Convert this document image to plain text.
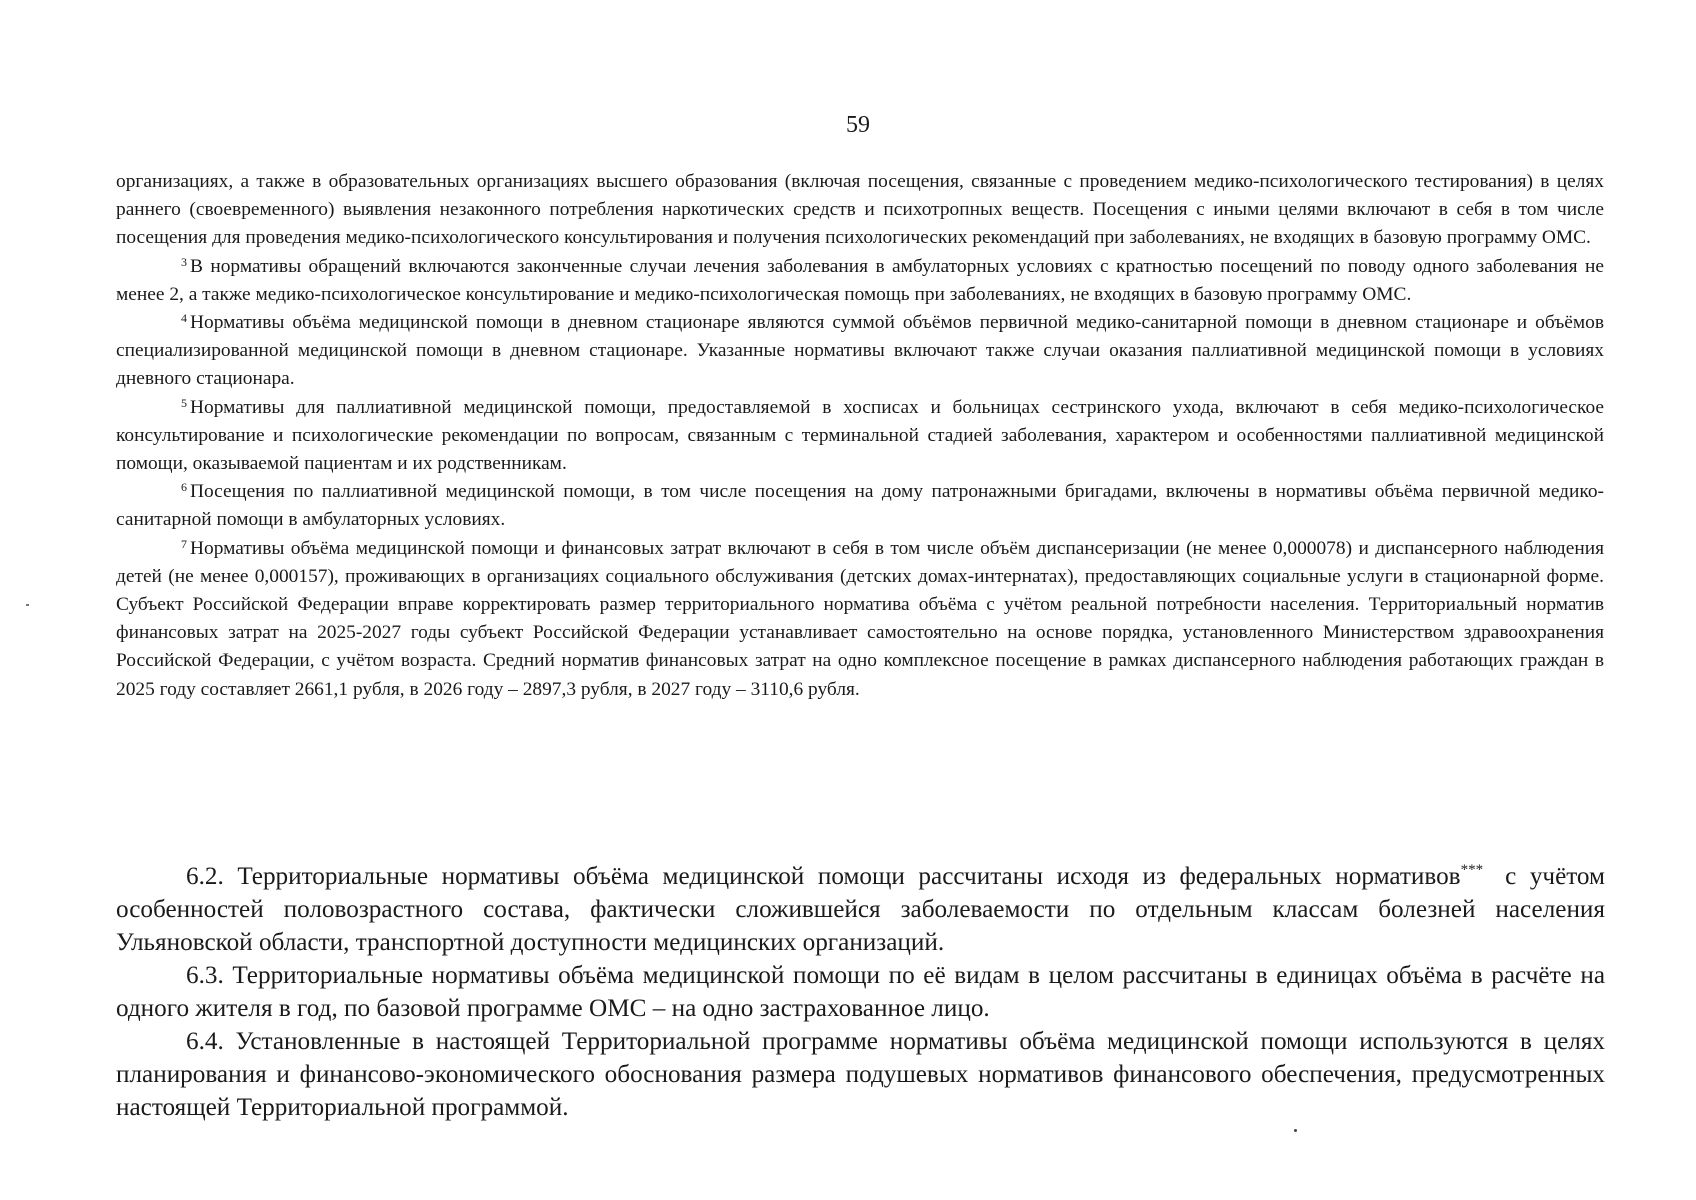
59

организациях, а также в образовательных организациях высшего образования (включая посещения, связанные с проведением медико-психологического тестирования) в целях раннего (своевременного) выявления незаконного потребления наркотических средств и психотропных веществ. Посещения с иными целями включают в себя в том числе посещения для проведения медико-психологического консультирования и получения психологических рекомендаций при заболеваниях, не входящих в базовую программу ОМС.

$^3$ В нормативы обращений включаются законченные случаи лечения заболевания в амбулаторных условиях с кратностью посещений по поводу одного заболевания не менее 2, а также медико-психологическое консультирование и медико-психологическая помощь при заболеваниях, не входящих в базовую программу ОМС.

$^4$ Нормативы объёма медицинской помощи в дневном стационаре являются суммой объёмов первичной медико-санитарной помощи в дневном стационаре и объёмов специализированной медицинской помощи в дневном стационаре. Указанные нормативы включают также случаи оказания паллиативной медицинской помощи в условиях дневного стационара.

$^5$ Нормативы для паллиативной медицинской помощи, предоставляемой в хосписах и больницах сестринского ухода, включают в себя медико-психологическое консультирование и психологические рекомендации по вопросам, связанным с терминальной стадией заболевания, характером и особенностями паллиативной медицинской помощи, оказываемой пациентам и их родственникам.

$^6$ Посещения по паллиативной медицинской помощи, в том числе посещения на дому патронажными бригадами, включены в нормативы объёма первичной медико-санитарной помощи в амбулаторных условиях.

$^7$ Нормативы объёма медицинской помощи и финансовых затрат включают в себя в том числе объём диспансеризации (не менее 0,000078) и диспансерного наблюдения детей (не менее 0,000157), проживающих в организациях социального обслуживания (детских домах-интернатах), предоставляющих социальные услуги в стационарной форме. Субъект Российской Федерации вправе корректировать размер территориального норматива объёма с учётом реальной потребности населения. Территориальный норматив финансовых затрат на 2025-2027 годы субъект Российской Федерации устанавливает самостоятельно на основе порядка, установленного Министерством здравоохранения Российской Федерации, с учётом возраста. Средний норматив финансовых затрат на одно комплексное посещение в рамках диспансерного наблюдения работающих граждан в 2025 году составляет 2661,1 рубля, в 2026 году – 2897,3 рубля, в 2027 году – 3110,6 рубля.

6.2. Территориальные нормативы объёма медицинской помощи рассчитаны исходя из федеральных нормативов*** с учётом особенностей половозрастного состава, фактически сложившейся заболеваемости по отдельным классам болезней населения Ульяновской области, транспортной доступности медицинских организаций.

6.3. Территориальные нормативы объёма медицинской помощи по её видам в целом рассчитаны в единицах объёма в расчёте на одного жителя в год, по базовой программе ОМС – на одно застрахованное лицо.

6.4. Установленные в настоящей Территориальной программе нормативы объёма медицинской помощи используются в целях планирования и финансово-экономического обоснования размера подушевых нормативов финансового обеспечения, предусмотренных настоящей Территориальной программой.
